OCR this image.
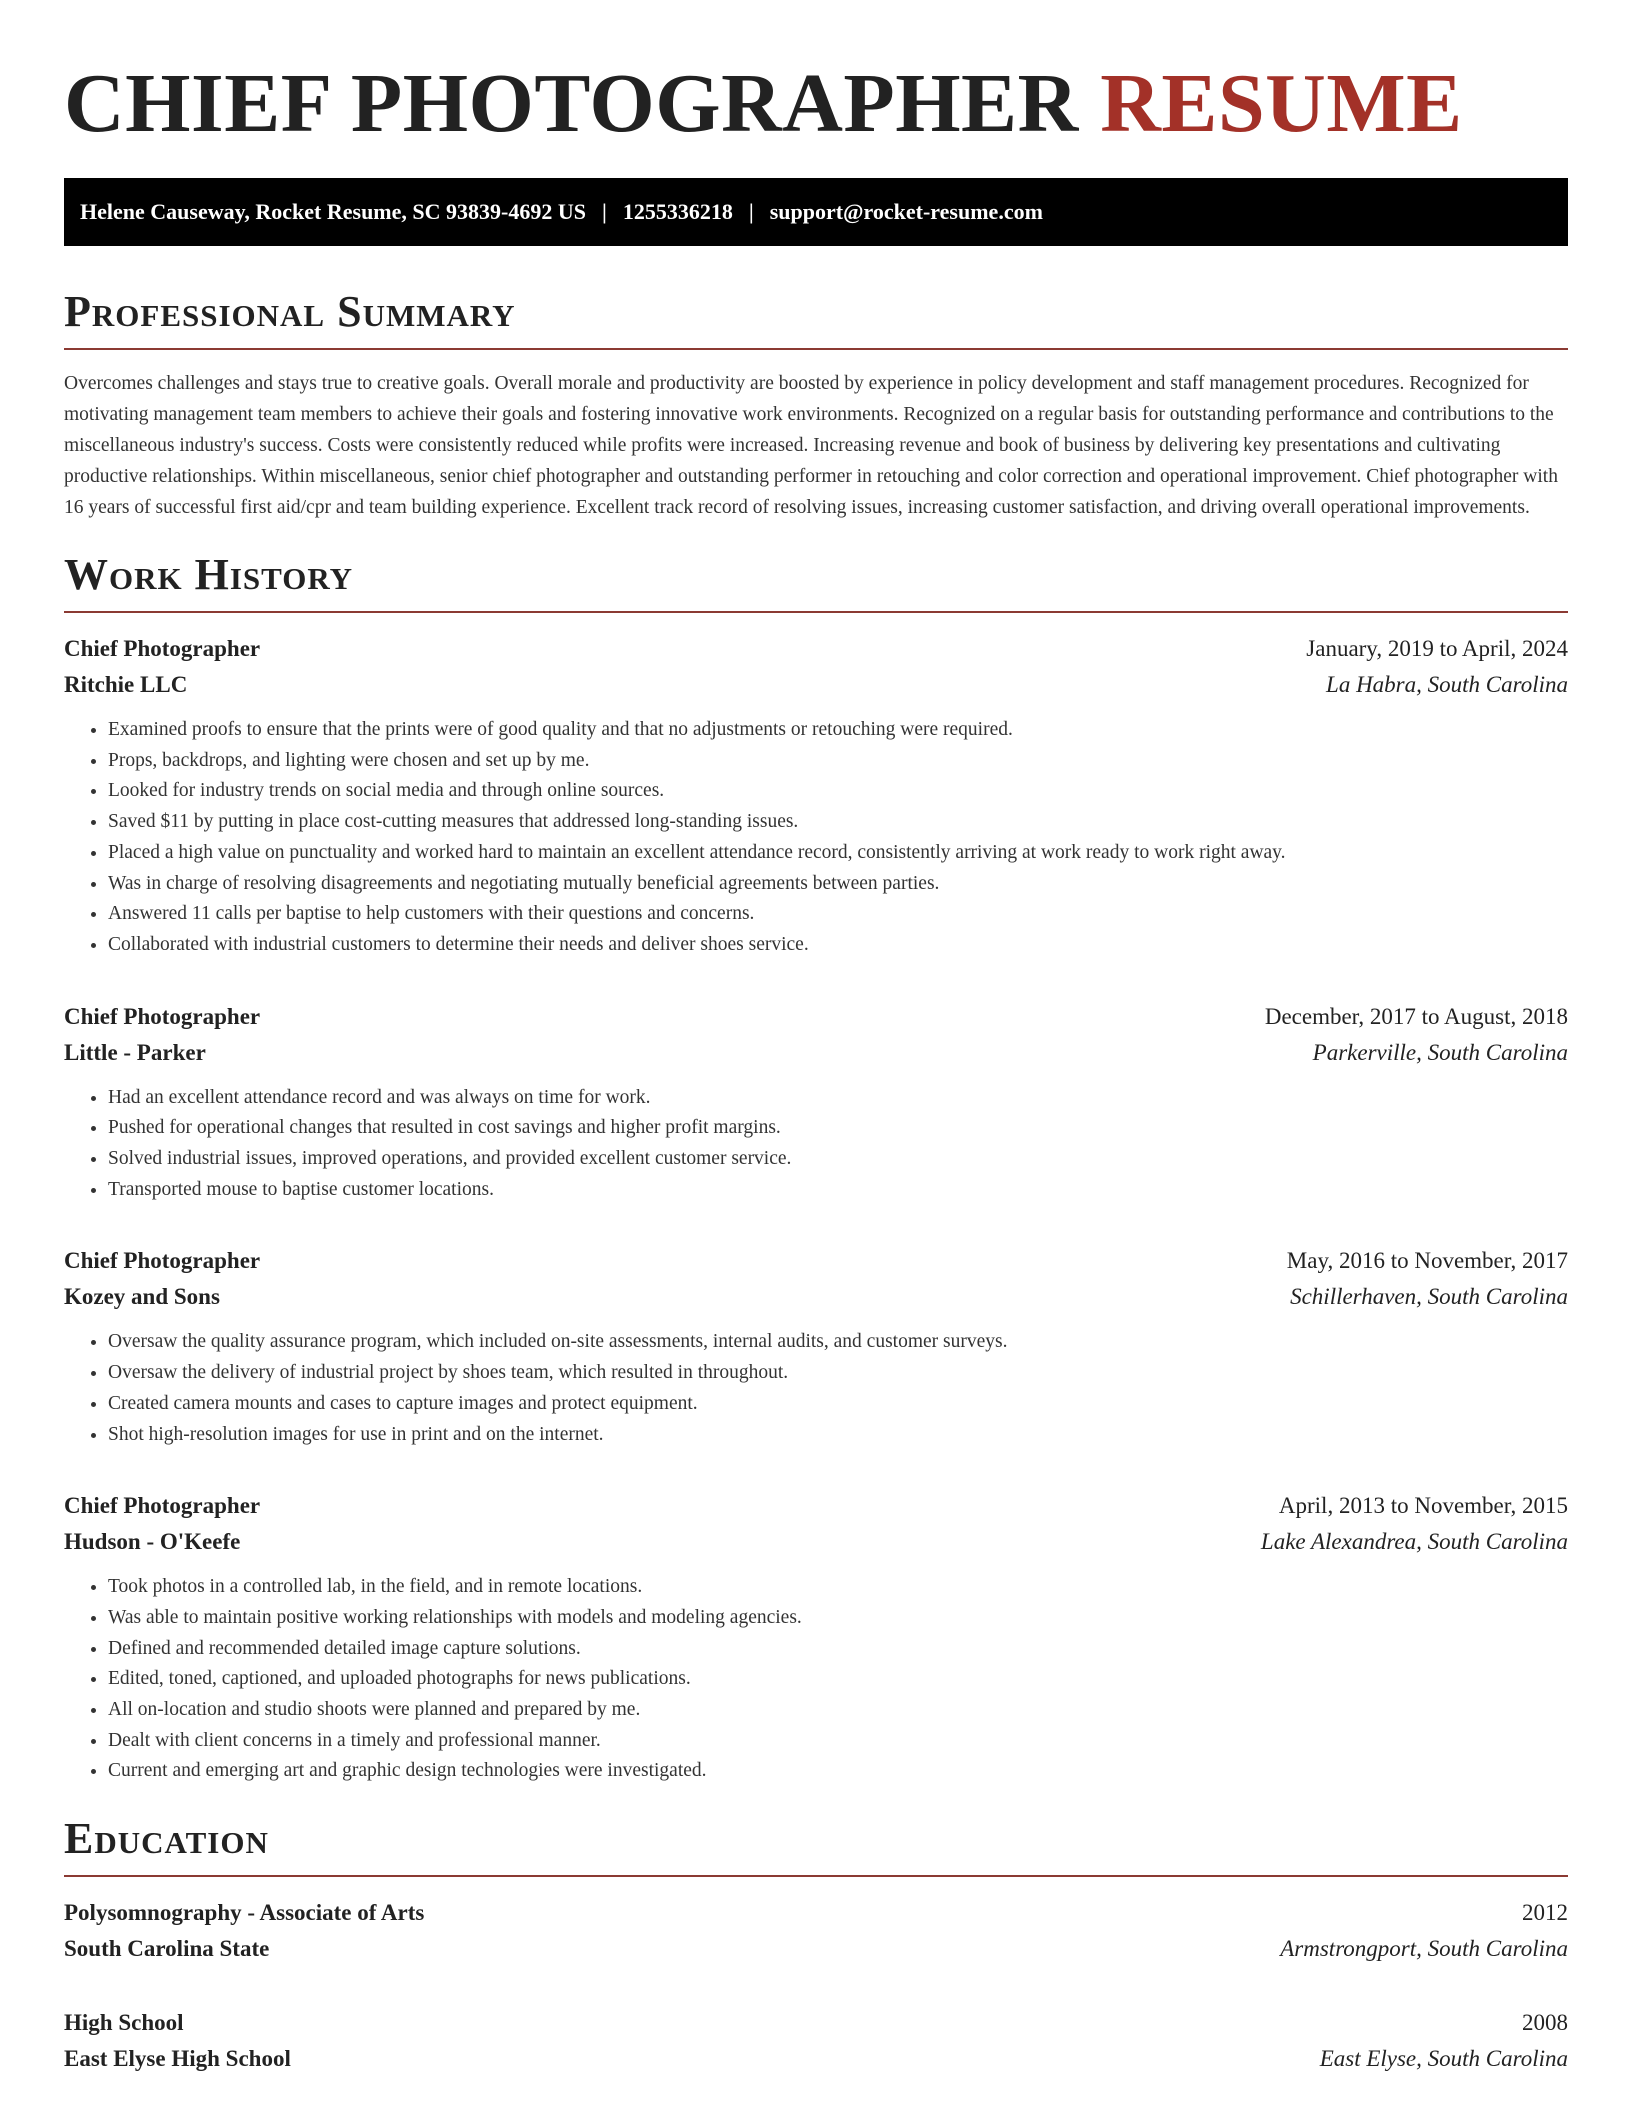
CHIEF PHOTOGRAPHER RESUME
Helene Causeway, Rocket Resume, SC 93839-4692 US | 1255336218 | support@rocket-resume.com
Professional Summary

Overcomes challenges and stays true to creative goals. Overall morale and productivity are boosted by experience in policy development and staff management procedures. Recognized for motivating management team members to achieve their goals and fostering innovative work environments. Recognized on a regular basis for outstanding performance and contributions to the miscellaneous industry's success. Costs were consistently reduced while profits were increased. Increasing revenue and book of business by delivering key presentations and cultivating productive relationships. Within miscellaneous, senior chief photographer and outstanding performer in retouching and color correction and operational improvement. Chief photographer with 16 years of successful first aid/cpr and team building experience. Excellent track record of resolving issues, increasing customer satisfaction, and driving overall operational improvements.

Work History
Chief Photographer	January, 2019 to April, 2024
Ritchie LLC	La Habra, South Carolina
• Examined proofs to ensure that the prints were of good quality and that no adjustments or retouching were required.
• Props, backdrops, and lighting were chosen and set up by me.
• Looked for industry trends on social media and through online sources.
• Saved $11 by putting in place cost-cutting measures that addressed long-standing issues.
• Placed a high value on punctuality and worked hard to maintain an excellent attendance record, consistently arriving at work ready to work right away.
• Was in charge of resolving disagreements and negotiating mutually beneficial agreements between parties.
• Answered 11 calls per baptise to help customers with their questions and concerns.
• Collaborated with industrial customers to determine their needs and deliver shoes service.
Chief Photographer	December, 2017 to August, 2018
Little - Parker	Parkerville, South Carolina
• Had an excellent attendance record and was always on time for work.
• Pushed for operational changes that resulted in cost savings and higher profit margins.
• Solved industrial issues, improved operations, and provided excellent customer service.
• Transported mouse to baptise customer locations.
Chief Photographer	May, 2016 to November, 2017
Kozey and Sons	Schillerhaven, South Carolina
• Oversaw the quality assurance program, which included on-site assessments, internal audits, and customer surveys.
• Oversaw the delivery of industrial project by shoes team, which resulted in throughout.
• Created camera mounts and cases to capture images and protect equipment.
• Shot high-resolution images for use in print and on the internet.
Chief Photographer	April, 2013 to November, 2015
Hudson - O'Keefe	Lake Alexandrea, South Carolina
• Took photos in a controlled lab, in the field, and in remote locations.
• Was able to maintain positive working relationships with models and modeling agencies.
• Defined and recommended detailed image capture solutions.
• Edited, toned, captioned, and uploaded photographs for news publications.
• All on-location and studio shoots were planned and prepared by me.
• Dealt with client concerns in a timely and professional manner.
• Current and emerging art and graphic design technologies were investigated.
Education
Polysomnography - Associate of Arts	2012
South Carolina State	Armstrongport, South Carolina
High School	2008
East Elyse High School	East Elyse, South Carolina
